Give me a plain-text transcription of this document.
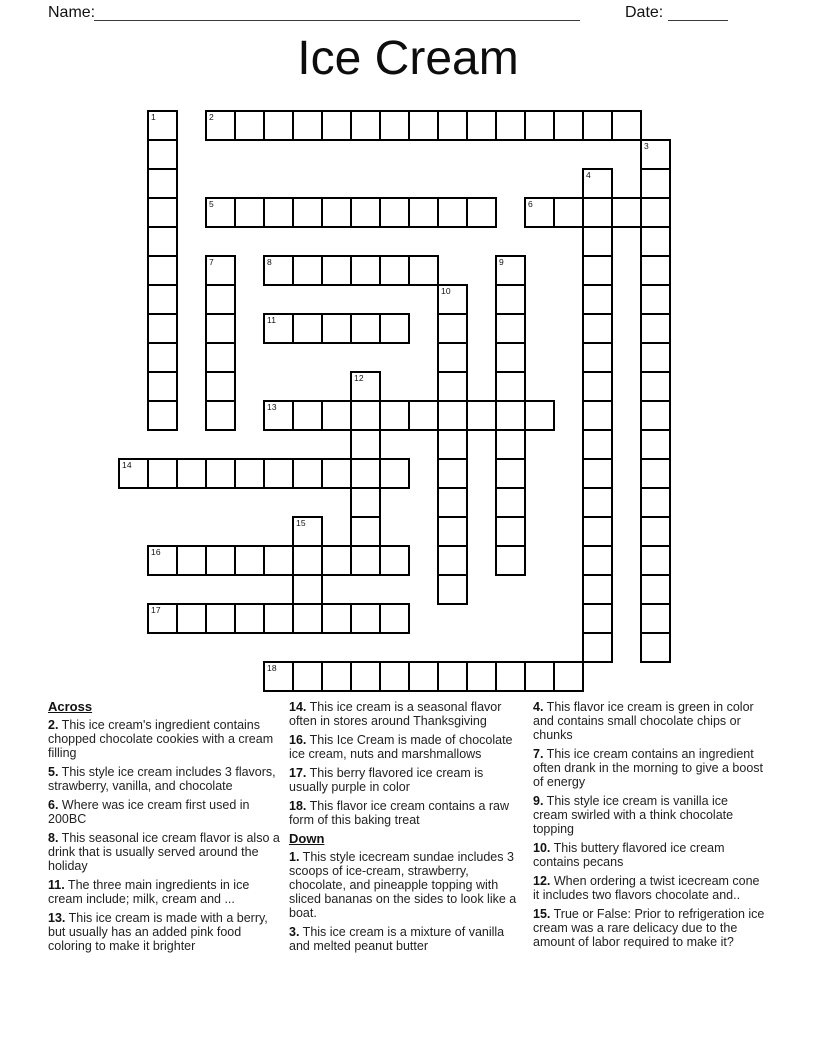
Name:	Date:
Ice Cream
1	2
3
4
5	6
7	8	9
10
11
12
13
14
15
16
17
18
Across

2. This ice cream's ingredient contains chopped chocolate cookies with a cream filling

5. This style ice cream includes 3 flavors, strawberry, vanilla, and chocolate

6. Where was ice cream first used in 200BC

8. This seasonal ice cream flavor is also a drink that is usually served around the holiday

11. The three main ingredients in ice cream include; milk, cream and ...

13. This ice cream is made with a berry, but usually has an added pink food coloring to make it brighter

14. This ice cream is a seasonal flavor often in stores around Thanksgiving

16. This Ice Cream is made of chocolate ice cream, nuts and marshmallows

17. This berry flavored ice cream is usually purple in color

18. This flavor ice cream contains a raw form of this baking treat

Down

1. This style icecream sundae includes 3 scoops of ice-cream, strawberry, chocolate, and pineapple topping with sliced bananas on the sides to look like a boat.

3. This ice cream is a mixture of vanilla and melted peanut butter

4. This flavor ice cream is green in color and contains small chocolate chips or chunks

7. This ice cream contains an ingredient often drank in the morning to give a boost of energy

9. This style ice cream is vanilla ice cream swirled with a think chocolate topping

10. This buttery flavored ice cream contains pecans

12. When ordering a twist icecream cone it includes two flavors chocolate and..

15. True or False: Prior to refrigeration ice cream was a rare delicacy due to the amount of labor required to make it?
